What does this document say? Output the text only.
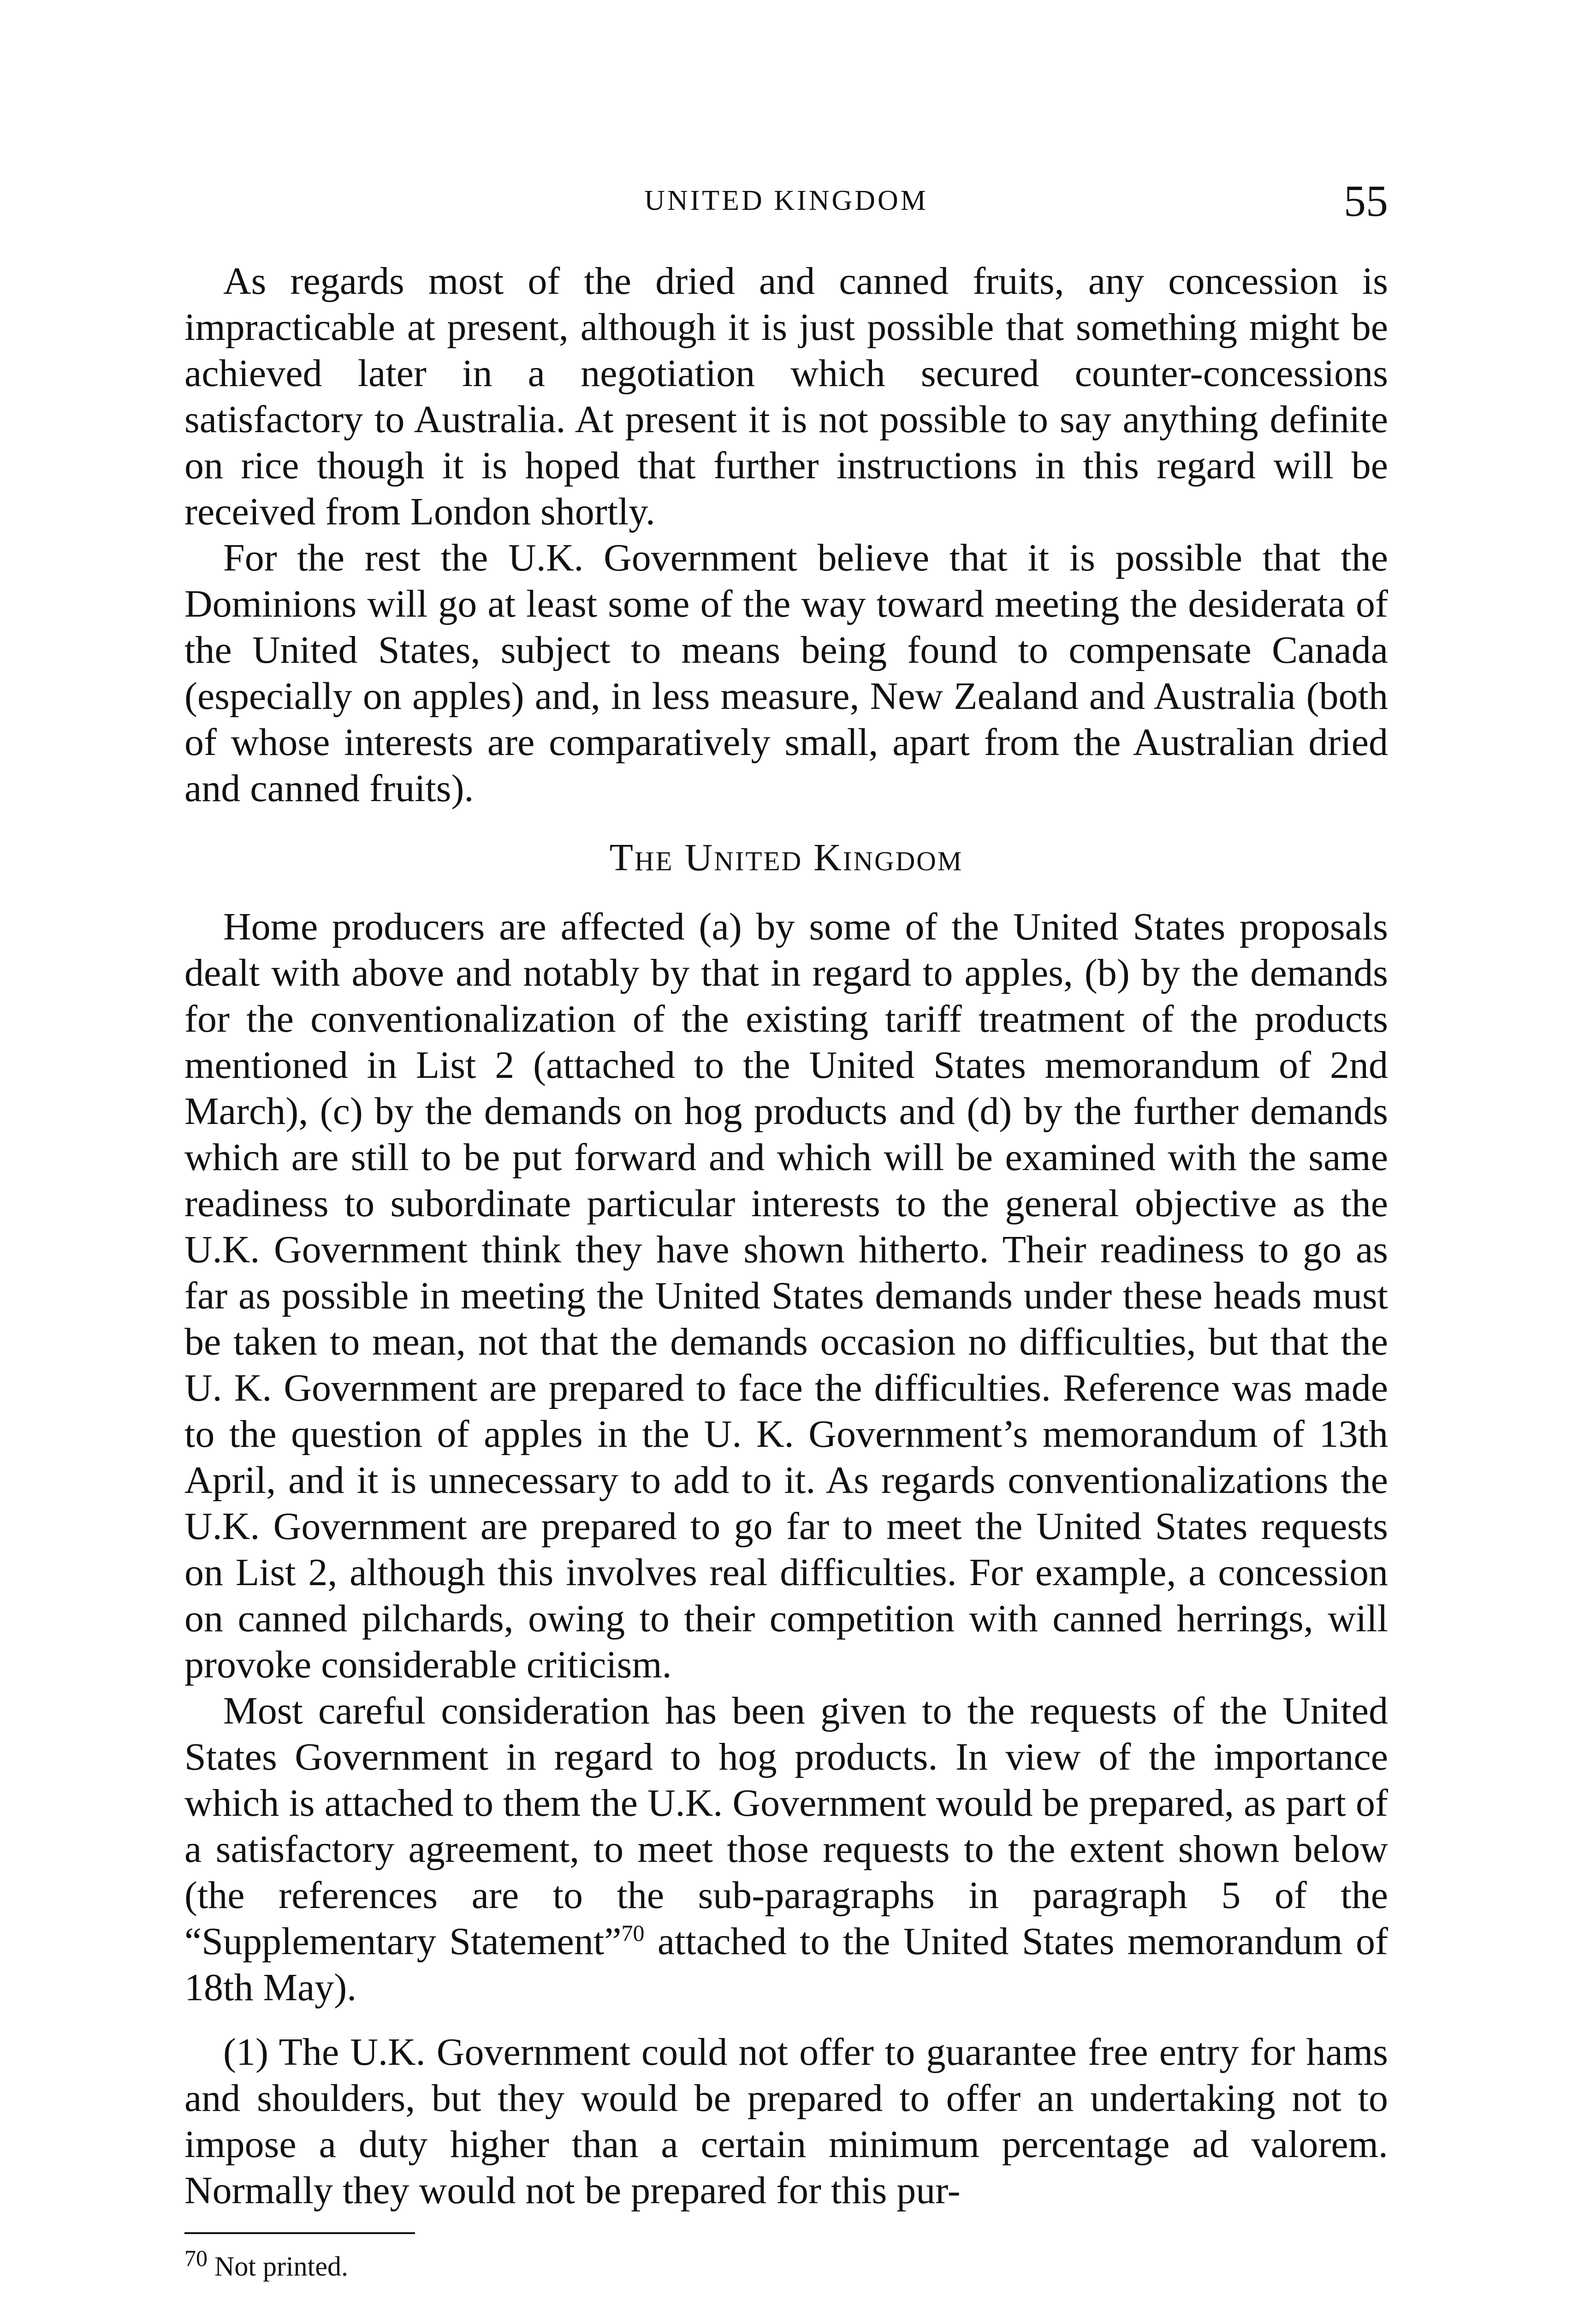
UNITED KINGDOM	55

As regards most of the dried and canned fruits, any concession is impracticable at present, although it is just possible that something might be achieved later in a negotiation which secured counter-concessions satisfactory to Australia. At present it is not possible to say anything definite on rice though it is hoped that further instructions in this regard will be received from London shortly.

For the rest the U.K. Government believe that it is possible that the Dominions will go at least some of the way toward meeting the desiderata of the United States, subject to means being found to compensate Canada (especially on apples) and, in less measure, New Zealand and Australia (both of whose interests are comparatively small, apart from the Australian dried and canned fruits).

The United Kingdom

Home producers are affected (a) by some of the United States proposals dealt with above and notably by that in regard to apples, (b) by the demands for the conventionalization of the existing tariff treatment of the products mentioned in List 2 (attached to the United States memorandum of 2nd March), (c) by the demands on hog products and (d) by the further demands which are still to be put forward and which will be examined with the same readiness to subordinate particular interests to the general objective as the U.K. Government think they have shown hitherto. Their readiness to go as far as possible in meeting the United States demands under these heads must be taken to mean, not that the demands occasion no difficulties, but that the U. K. Government are prepared to face the difficulties. Reference was made to the question of apples in the U. K. Government’s memorandum of 13th April, and it is unnecessary to add to it. As regards conventionalizations the U.K. Government are prepared to go far to meet the United States requests on List 2, although this involves real difficulties. For example, a concession on canned pilchards, owing to their competition with canned herrings, will provoke considerable criticism.

Most careful consideration has been given to the requests of the United States Government in regard to hog products. In view of the importance which is attached to them the U.K. Government would be prepared, as part of a satisfactory agreement, to meet those requests to the extent shown below (the references are to the sub-paragraphs in paragraph 5 of the “Supplementary Statement”$^{70}$ attached to the United States memorandum of 18th May).

(1) The U.K. Government could not offer to guarantee free entry for hams and shoulders, but they would be prepared to offer an undertaking not to impose a duty higher than a certain minimum percentage ad valorem. Normally they would not be prepared for this pur-

$^{70}$ Not printed.
